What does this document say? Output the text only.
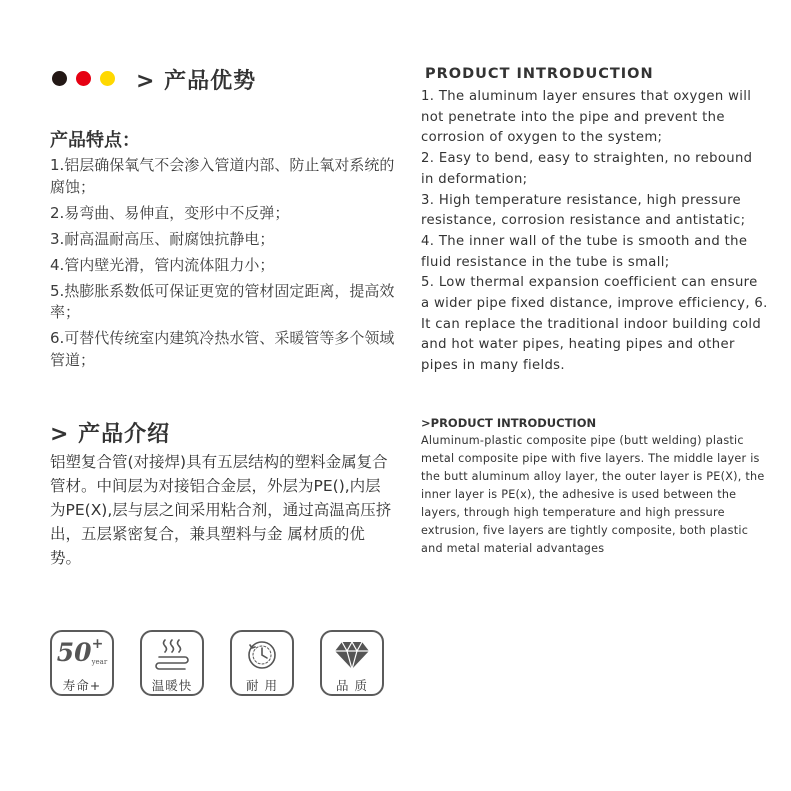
> 产品优势
产品特点：
1.铝层确保氧气不会渗入管道内部、防止氧对系统的腐蚀；
2.易弯曲、易伸直，变形中不反弹；
3.耐高温耐高压、耐腐蚀抗静电；
4.管内壁光滑，管内流体阻力小；
5.热膨胀系数低可保证更宽的管材固定距离，提高效率；
6.可替代传统室内建筑冷热水管、采暖管等多个领域管道；
> 产品介绍
铝塑复合管(对接焊)具有五层结构的塑料金属复合管材。中间层为对接铝合金层，外层为PE(),内层为PE(X),层与层之间采用粘合剂，通过高温高压挤出，五层紧密复合，兼具塑料与金 属材质的优势。
PRODUCT INTRODUCTION
1. The aluminum layer ensures that oxygen will not penetrate into the pipe and prevent the corrosion of oxygen to the system;
2. Easy to bend, easy to straighten, no rebound in deformation;
3. High temperature resistance, high pressure resistance, corrosion resistance and antistatic;
4. The inner wall of the tube is smooth and the fluid resistance in the tube is small;
5. Low thermal expansion coefficient can ensure a wider pipe fixed distance, improve efficiency, 6. It can replace the traditional indoor building cold and hot water pipes, heating pipes and other pipes in many fields.
>PRODUCT INTRODUCTION
Aluminum-plastic composite pipe (butt welding) plastic metal composite pipe with five layers. The middle layer is the butt aluminum alloy layer, the outer layer is PE(X), the inner layer is PE(x), the adhesive is used between the layers, through high temperature and high pressure extrusion, five layers are tightly composite, both plastic and metal material advantages
50 +
year
寿命+	温暖快	耐 用	品 质
